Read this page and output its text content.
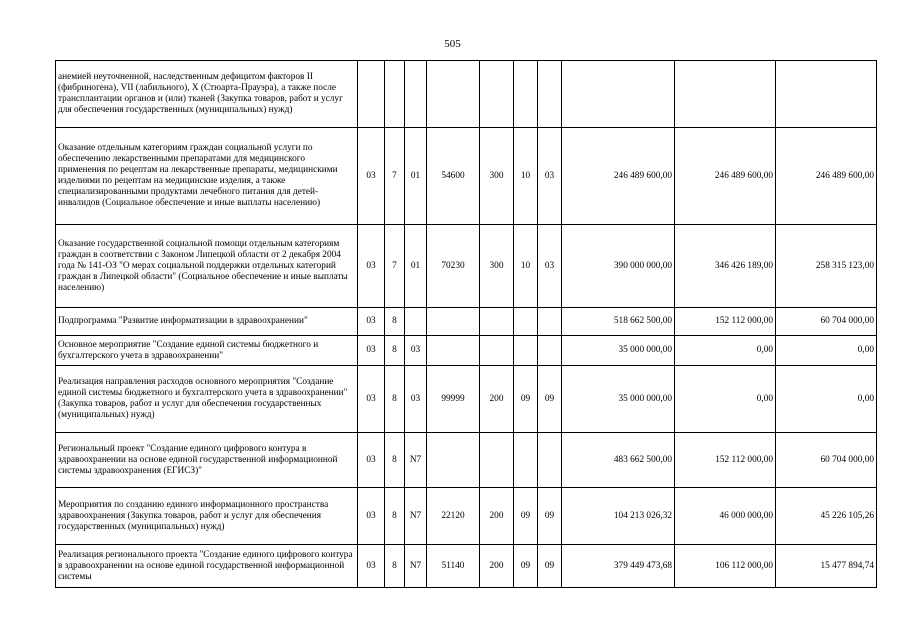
505
анемией неуточненной, наследственным дефицитом факторов II (фибриногена), VII (лабильного), X (Стюарта-Прауэра), а также после трансплантации органов и (или) тканей (Закупка товаров, работ и услуг для обеспечения государственных (муниципальных) нужд)										
Оказание отдельным категориям граждан социальной услуги по обеспечению лекарственными препаратами для медицинского применения по рецептам на лекарственные препараты, медицинскими изделиями по рецептам на медицинские изделия, а также специализированными продуктами лечебного питания для детей-инвалидов (Социальное обеспечение и иные выплаты населению)	03	7	01	54600	300	10	03	246 489 600,00	246 489 600,00	246 489 600,00
Оказание государственной социальной помощи отдельным категориям граждан в соответствии с Законом Липецкой области от 2 декабря 2004 года № 141-ОЗ "О мерах социальной поддержки отдельных категорий граждан в Липецкой области" (Социальное обеспечение и иные выплаты населению)	03	7	01	70230	300	10	03	390 000 000,00	346 426 189,00	258 315 123,00
Подпрограмма "Развитие информатизации в здравоохранении"	03	8						518 662 500,00	152 112 000,00	60 704 000,00
Основное мероприятие "Создание единой системы бюджетного и бухгалтерского учета в здравоохранении"	03	8	03					35 000 000,00	0,00	0,00
Реализация направления расходов основного мероприятия "Создание единой системы бюджетного и бухгалтерского учета в здравоохранении" (Закупка товаров, работ и услуг для обеспечения государственных (муниципальных) нужд)	03	8	03	99999	200	09	09	35 000 000,00	0,00	0,00
Региональный проект "Создание единого цифрового контура в здравоохранении на основе единой государственной информационной системы здравоохранения (ЕГИСЗ)"	03	8	N7					483 662 500,00	152 112 000,00	60 704 000,00
Мероприятия по созданию единого информационного пространства здравоохранения (Закупка товаров, работ и услуг для обеспечения государственных (муниципальных) нужд)	03	8	N7	22120	200	09	09	104 213 026,32	46 000 000,00	45 226 105,26
Реализация регионального проекта "Создание единого цифрового контура в здравоохранении на основе единой государственной информационной системы	03	8	N7	51140	200	09	09	379 449 473,68	106 112 000,00	15 477 894,74
